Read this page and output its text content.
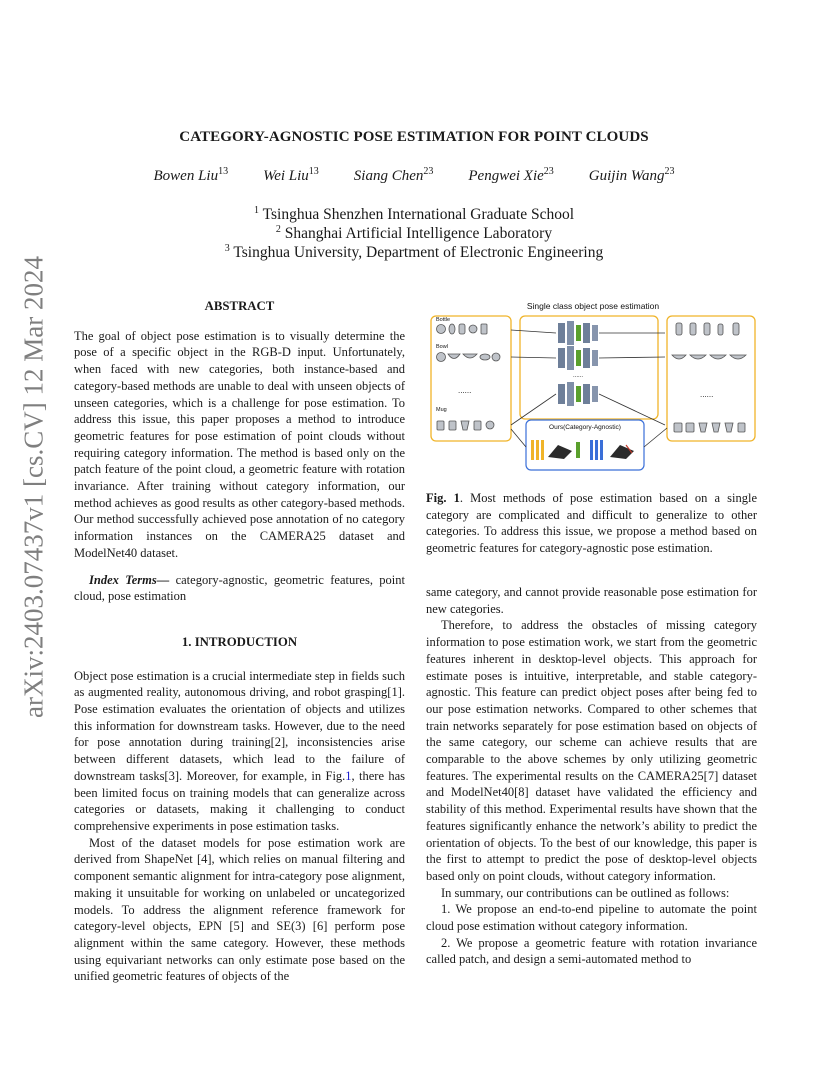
CATEGORY-AGNOSTIC POSE ESTIMATION FOR POINT CLOUDS
Bowen Liu$^{13}$ Wei Liu$^{13}$ Siang Chen$^{23}$ Pengwei Xie$^{23}$ Guijin Wang$^{23}$
$^1$ Tsinghua Shenzhen International Graduate School
$^2$ Shanghai Artificial Intelligence Laboratory
$^3$ Tsinghua University, Department of Electronic Engineering
arXiv:2403.07437v1 [cs.CV] 12 Mar 2024	ABSTRACT

The goal of object pose estimation is to visually determine the pose of a specific object in the RGB-D input. Unfortunately, when faced with new categories, both instance-based and category-based methods are unable to deal with unseen objects of unseen categories, which is a challenge for pose estimation. To address this issue, this paper proposes a method to introduce geometric features for pose estimation of point clouds without requiring category information. The method is based only on the patch feature of the point cloud, a geometric feature with rotation invariance. After training without category information, our method achieves as good results as other category-based methods. Our method successfully achieved pose annotation of no category information instances on the CAMERA25 dataset and ModelNet40 dataset.

Index Terms— category-agnostic, geometric features, point cloud, pose estimation

1. INTRODUCTION

Object pose estimation is a crucial intermediate step in fields such as augmented reality, autonomous driving, and robot grasping[1]. Pose estimation evaluates the orientation of objects and utilizes this information for downstream tasks. However, due to the need for pose annotation during training[2], inconsistencies arise between different datasets, which lead to the failure of downstream tasks[3]. Moreover, for example, in Fig.1, there has been limited focus on training models that can generalize across categories or datasets, making it challenging to conduct comprehensive experiments in pose estimation tasks.

Most of the dataset models for pose estimation work are derived from ShapeNet [4], which relies on manual filtering and component semantic alignment for intra-category pose alignment, making it unsuitable for working on unlabeled or uncategorized models. To address the alignment reference framework for category-level objects, EPN [5] and SE(3) [6] perform pose alignment within the same category. However, these methods using equivariant networks can only estimate pose based on the unified geometric features of objects of the

Single class object pose estimation
Bottle
Bowl
Mug
......
......
......
Ours(Category-Agnostic)
Fig. 1. Most methods of pose estimation based on a single category are complicated and difficult to generalize to other categories. To address this issue, we propose a method based on geometric features for category-agnostic pose estimation.

same category, and cannot provide reasonable pose estimation for new categories.

Therefore, to address the obstacles of missing category information to pose estimation work, we start from the geometric features inherent in desktop-level objects. This approach for estimate poses is intuitive, interpretable, and stable category-agnostic. This feature can predict object poses after being fed to our pose estimation networks. Compared to other schemes that train networks separately for pose estimation based on objects of the same category, our scheme can achieve results that are comparable to the above schemes by only utilizing geometric features. The experimental results on the CAMERA25[7] dataset and ModelNet40[8] dataset have validated the efficiency and stability of this method. Experimental results have shown that the features significantly enhance the network’s ability to predict the orientation of objects. To the best of our knowledge, this paper is the first to attempt to predict the pose of desktop-level objects based only on point clouds, without category information.

In summary, our contributions can be outlined as follows:

1. We propose an end-to-end pipeline to automate the point cloud pose estimation without category information.

2. We propose a geometric feature with rotation invariance called patch, and design a semi-automated method to
